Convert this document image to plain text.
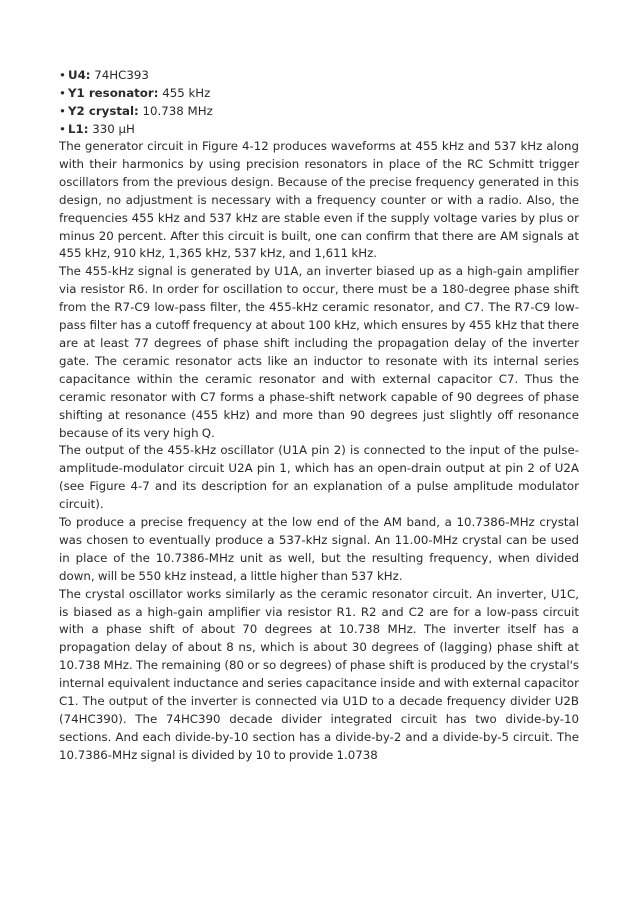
• U4: 74HC393
• Y1 resonator: 455 kHz
• Y2 crystal: 10.738 MHz
• L1: 330 µH

The generator circuit in Figure 4-12 produces waveforms at 455 kHz and 537 kHz along with their harmonics by using precision resonators in place of the RC Schmitt trigger oscillators from the previous design. Because of the precise frequency generated in this design, no adjustment is necessary with a frequency counter or with a radio. Also, the frequencies 455 kHz and 537 kHz are stable even if the supply voltage varies by plus or minus 20 percent. After this circuit is built, one can confirm that there are AM signals at 455 kHz, 910 kHz, 1,365 kHz, 537 kHz, and 1,611 kHz.

The 455-kHz signal is generated by U1A, an inverter biased up as a high-gain amplifier via resistor R6. In order for oscillation to occur, there must be a 180-degree phase shift from the R7-C9 low-pass filter, the 455-kHz ceramic resonator, and C7. The R7-C9 low-pass filter has a cutoff frequency at about 100 kHz, which ensures by 455 kHz that there are at least 77 degrees of phase shift including the propagation delay of the inverter gate. The ceramic resonator acts like an inductor to resonate with its internal series capacitance within the ceramic resonator and with external capacitor C7. Thus the ceramic resonator with C7 forms a phase-shift network capable of 90 degrees of phase shifting at resonance (455 kHz) and more than 90 degrees just slightly off resonance because of its very high Q.

The output of the 455-kHz oscillator (U1A pin 2) is connected to the input of the pulse-amplitude-modulator circuit U2A pin 1, which has an open-drain output at pin 2 of U2A (see Figure 4-7 and its description for an explanation of a pulse amplitude modulator circuit).

To produce a precise frequency at the low end of the AM band, a 10.7386-MHz crystal was chosen to eventually produce a 537-kHz signal. An 11.00-MHz crystal can be used in place of the 10.7386-MHz unit as well, but the resulting frequency, when divided down, will be 550 kHz instead, a little higher than 537 kHz.

The crystal oscillator works similarly as the ceramic resonator circuit. An inverter, U1C, is biased as a high-gain amplifier via resistor R1. R2 and C2 are for a low-pass circuit with a phase shift of about 70 degrees at 10.738 MHz. The inverter itself has a propagation delay of about 8 ns, which is about 30 degrees of (lagging) phase shift at 10.738 MHz. The remaining (80 or so degrees) of phase shift is produced by the crystal's internal equivalent inductance and series capacitance inside and with external capacitor C1. The output of the inverter is connected via U1D to a decade frequency divider U2B (74HC390). The 74HC390 decade divider integrated circuit has two divide-by-10 sections. And each divide-by-10 section has a divide-by-2 and a divide-by-5 circuit. The 10.7386-MHz signal is divided by 10 to provide 1.0738
